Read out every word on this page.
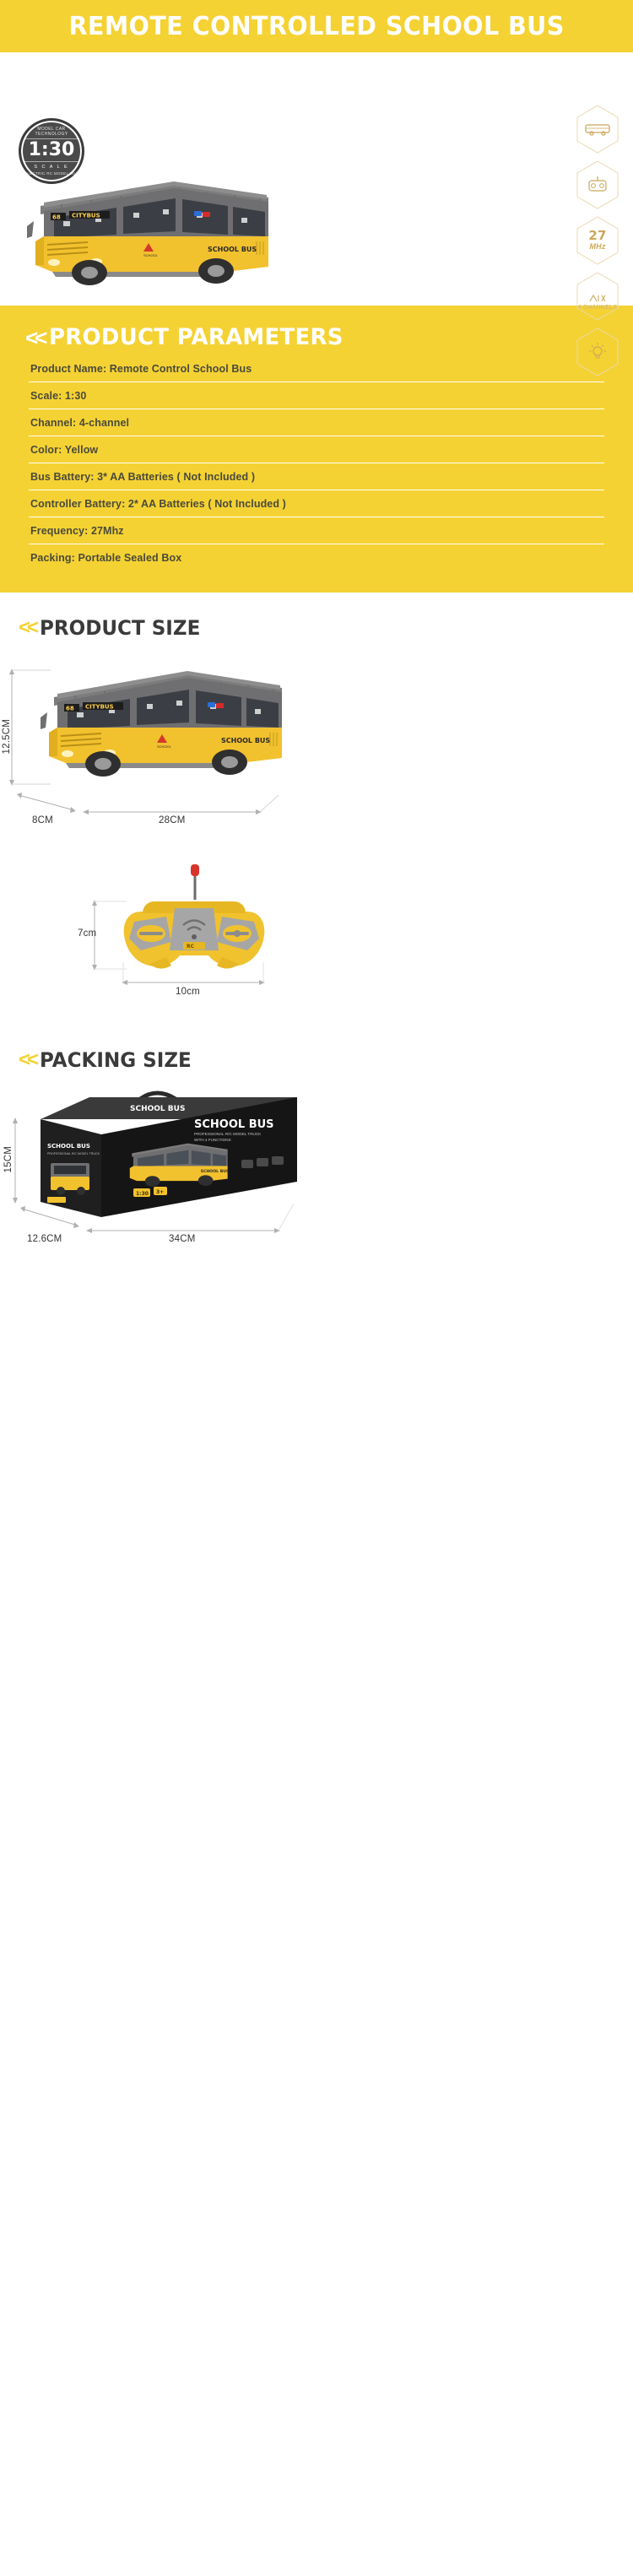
REMOTE CONTROLLED SCHOOL BUS
MODEL CAR TECHNOLOGY
1:30
S C A L E
ELECTRIC RC MODEL BUS
27
MHz
4 CHANNELS
68 CITYBUS
SCHOOL BUS
SCHOOL
<< PRODUCT PARAMETERS
Product Name: Remote Control School Bus
Scale: 1:30
Channel: 4-channel
Color: Yellow
Bus Battery: 3* AA Batteries ( Not Included )
Controller Battery: 2* AA Batteries ( Not Included )
Frequency: 27Mhz
Packing: Portable Sealed Box
<< PRODUCT SIZE
68 CITYBUS
SCHOOL BUS
SCHOOL
12.5CM
8CM	28CM
RC
7cm
10cm
<< PACKING SIZE
SCHOOL BUS
SCHOOL BUS
PROFESSIONAL R/C MODEL TRUCK
SCHOOL BUS
PROFESSIONAL R/C MODEL TRUCK
WITH 4 FUNCTIONS
SCHOOL BUS
1:30 3+
15CM
12.6CM	34CM
